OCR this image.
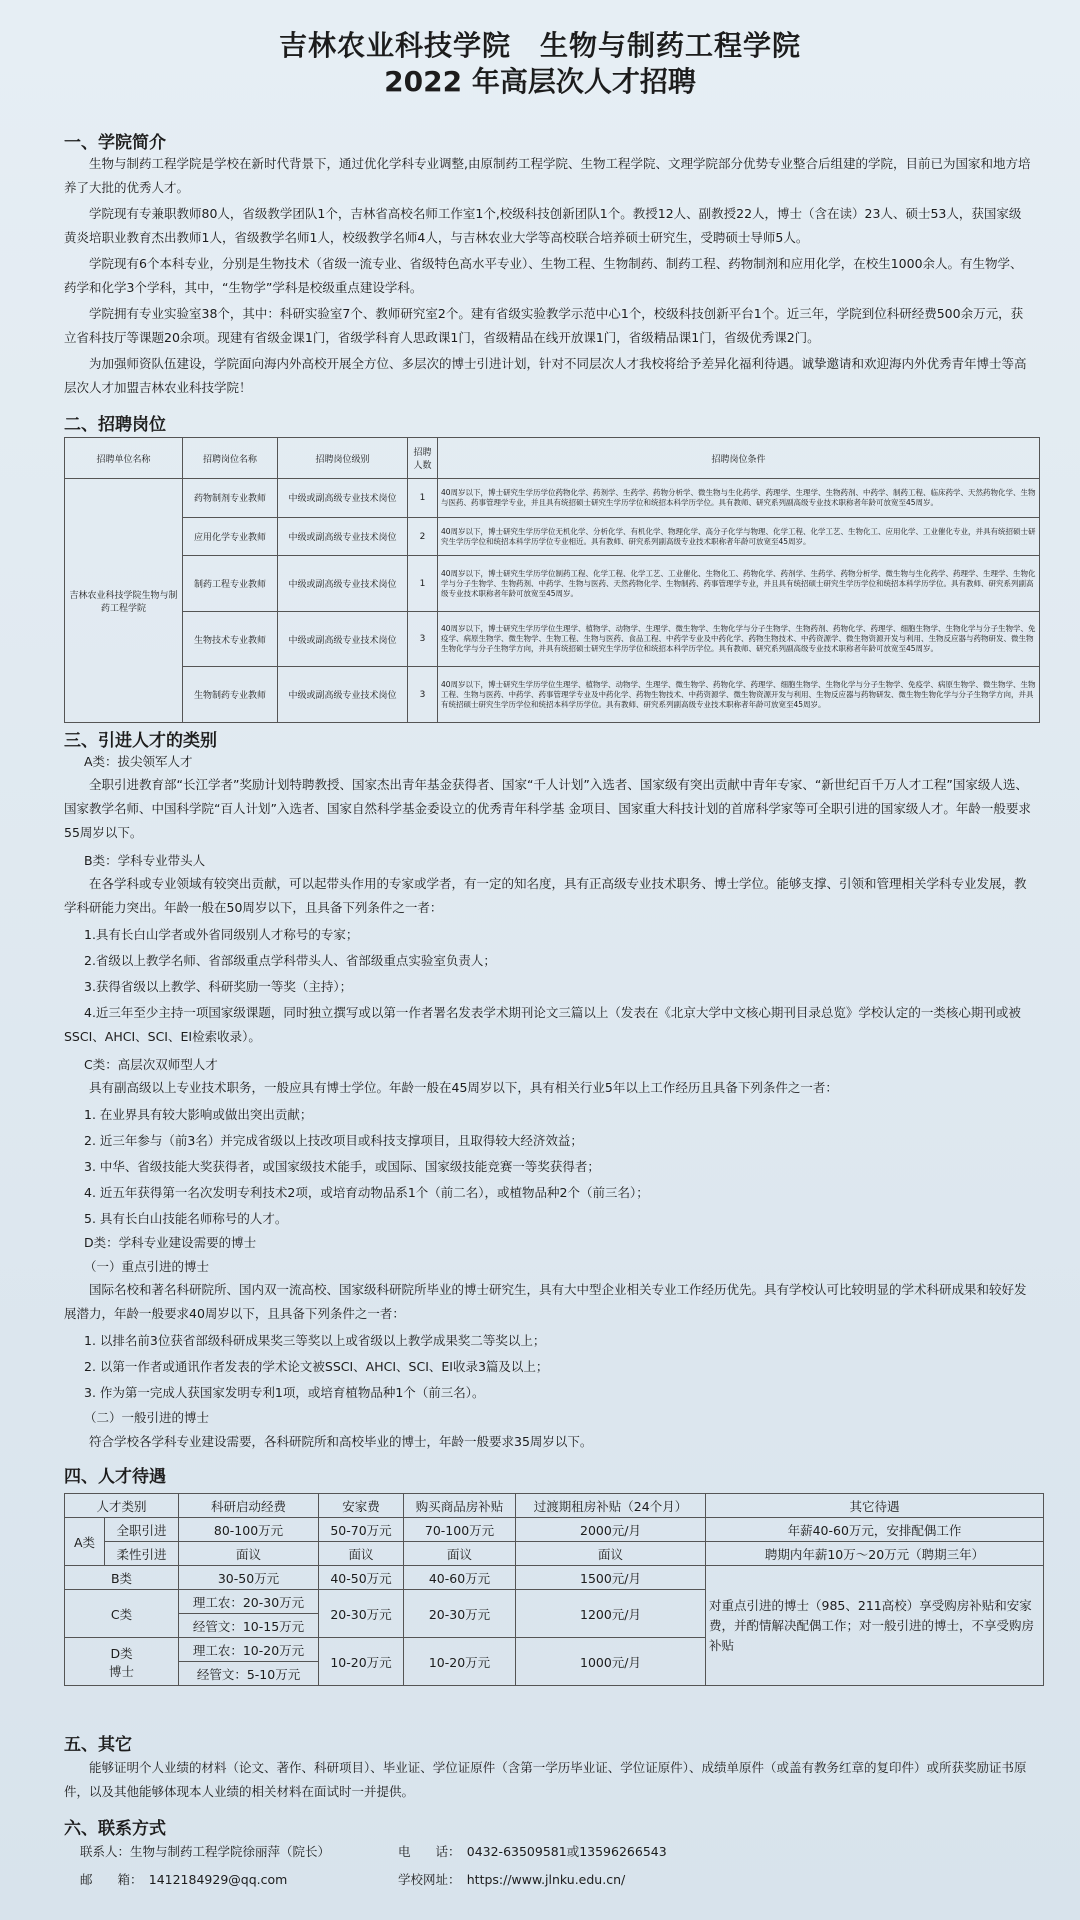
吉林农业科技学院　生物与制药工程学院
2022 年高层次人才招聘
一、学院简介

生物与制药工程学院是学校在新时代背景下，通过优化学科专业调整,由原制药工程学院、生物工程学院、文理学院部分优势专业整合后组建的学院，目前已为国家和地方培养了大批的优秀人才。

学院现有专兼职教师80人，省级教学团队1个，吉林省高校名师工作室1个,校级科技创新团队1个。教授12人、副教授22人，博士（含在读）23人、硕士53人，获国家级黄炎培职业教育杰出教师1人，省级教学名师1人，校级教学名师4人，与吉林农业大学等高校联合培养硕士研究生，受聘硕士导师5人。

学院现有6个本科专业，分别是生物技术（省级一流专业、省级特色高水平专业）、生物工程、生物制药、制药工程、药物制剂和应用化学，在校生1000余人。有生物学、药学和化学3个学科，其中，“生物学”学科是校级重点建设学科。

学院拥有专业实验室38个，其中：科研实验室7个、教师研究室2个。建有省级实验教学示范中心1个，校级科技创新平台1个。近三年，学院到位科研经费500余万元，获立省科技厅等课题20余项。现建有省级金课1门，省级学科育人思政课1门，省级精品在线开放课1门，省级精品课1门，省级优秀课2门。

为加强师资队伍建设，学院面向海内外高校开展全方位、多层次的博士引进计划，针对不同层次人才我校将给予差异化福利待遇。诚挚邀请和欢迎海内外优秀青年博士等高层次人才加盟吉林农业科技学院！

二、招聘岗位
招聘单位名称	招聘岗位名称	招聘岗位级别	招聘人数	招聘岗位条件
吉林农业科技学院生物与制药工程学院	药物制剂专业教师	中级或副高级专业技术岗位	1	40周岁以下，博士研究生学历学位药物化学、药剂学、生药学、药物分析学、微生物与生化药学、药理学、生理学、生物药剂、中药学、制药工程、临床药学、天然药物化学、生物与医药、药事管理学专业，并且具有统招硕士研究生学历学位和统招本科学历学位。具有教师、研究系列副高级专业技术职称者年龄可放宽至45周岁。
	应用化学专业教师	中级或副高级专业技术岗位	2	40周岁以下，博士研究生学历学位无机化学、分析化学、有机化学、物理化学、高分子化学与物理、化学工程、化学工艺、生物化工、应用化学、工业催化专业，并具有统招硕士研究生学历学位和统招本科学历学位专业相近。具有教师、研究系列副高级专业技术职称者年龄可放宽至45周岁。
	制药工程专业教师	中级或副高级专业技术岗位	1	40周岁以下，博士研究生学历学位制药工程、化学工程、化学工艺、工业催化、生物化工、药物化学、药剂学、生药学、药物分析学、微生物与生化药学、药理学、生理学、生物化学与分子生物学、生物药剂、中药学、生物与医药、天然药物化学、生物制药、药事管理学专业，并且具有统招硕士研究生学历学位和统招本科学历学位。具有教师、研究系列副高级专业技术职称者年龄可放宽至45周岁。
	生物技术专业教师	中级或副高级专业技术岗位	3	40周岁以下，博士研究生学历学位生理学、植物学、动物学、生理学、微生物学、生物化学与分子生物学、生物药剂、药物化学、药理学、细胞生物学、生物化学与分子生物学、免疫学、病原生物学、微生物学、生物工程、生物与医药、食品工程、中药学专业及中药化学、药物生物技术、中药资源学、微生物资源开发与利用、生物反应器与药物研发、微生物生物化学与分子生物学方向，并具有统招硕士研究生学历学位和统招本科学历学位。具有教师、研究系列副高级专业技术职称者年龄可放宽至45周岁。
	生物制药专业教师	中级或副高级专业技术岗位	3	40周岁以下，博士研究生学历学位生理学、植物学、动物学、生理学、微生物学、药物化学、药理学、细胞生物学、生物化学与分子生物学、免疫学、病原生物学、微生物学、生物工程、生物与医药、中药学、药事管理学专业及中药化学、药物生物技术、中药资源学、微生物资源开发与利用、生物反应器与药物研发、微生物生物化学与分子生物学方向，并具有统招硕士研究生学历学位和统招本科学历学位。具有教师、研究系列副高级专业技术职称者年龄可放宽至45周岁。
三、引进人才的类别
A类：拔尖领军人才

全职引进教育部“长江学者”奖励计划特聘教授、国家杰出青年基金获得者、国家“千人计划”入选者、国家级有突出贡献中青年专家、“新世纪百千万人才工程”国家级人选、国家教学名师、中国科学院“百人计划”入选者、国家自然科学基金委设立的优秀青年科学基 金项目、国家重大科技计划的首席科学家等可全职引进的国家级人才。年龄一般要求55周岁以下。

B类：学科专业带头人

在各学科或专业领域有较突出贡献，可以起带头作用的专家或学者，有一定的知名度，具有正高级专业技术职务、博士学位。能够支撑、引领和管理相关学科专业发展，教学科研能力突出。年龄一般在50周岁以下，且具备下列条件之一者：

1.具有长白山学者或外省同级别人才称号的专家；
2.省级以上教学名师、省部级重点学科带头人、省部级重点实验室负责人；
3.获得省级以上教学、科研奖励一等奖（主持）；

4.近三年至少主持一项国家级课题，同时独立撰写或以第一作者署名发表学术期刊论文三篇以上（发表在《北京大学中文核心期刊目录总览》学校认定的一类核心期刊或被SSCI、AHCI、SCI、EI检索收录）。

C类：高层次双师型人才

具有副高级以上专业技术职务，一般应具有博士学位。年龄一般在45周岁以下，具有相关行业5年以上工作经历且具备下列条件之一者：

1. 在业界具有较大影响或做出突出贡献；
2. 近三年参与（前3名）并完成省级以上技改项目或科技支撑项目，且取得较大经济效益；
3. 中华、省级技能大奖获得者，或国家级技术能手，或国际、国家级技能竞赛一等奖获得者；
4. 近五年获得第一名次发明专利技术2项，或培育动物品系1个（前二名），或植物品种2个（前三名）；
5. 具有长白山技能名师称号的人才。
D类：学科专业建设需要的博士
（一）重点引进的博士

国际名校和著名科研院所、国内双一流高校、国家级科研院所毕业的博士研究生，具有大中型企业相关专业工作经历优先。具有学校认可比较明显的学术科研成果和较好发展潜力，年龄一般要求40周岁以下，且具备下列条件之一者：

1. 以排名前3位获省部级科研成果奖三等奖以上或省级以上教学成果奖二等奖以上；
2. 以第一作者或通讯作者发表的学术论文被SSCI、AHCI、SCI、EI收录3篇及以上；
3. 作为第一完成人获国家发明专利1项，或培育植物品种1个（前三名）。
（二）一般引进的博士

符合学校各学科专业建设需要，各科研院所和高校毕业的博士，年龄一般要求35周岁以下。

四、人才待遇
人才类别		科研启动经费	安家费	购买商品房补贴	过渡期租房补贴（24个月）	其它待遇
A类	全职引进	80-100万元	50-70万元	70-100万元	2000元/月	年薪40-60万元，安排配偶工作
	柔性引进	面议	面议	面议	面议	聘期内年薪10万～20万元（聘期三年）
B类		30-50万元	40-50万元	40-60万元	1500元/月	对重点引进的博士（985、211高校）享受购房补贴和安家费，并酌情解决配偶工作；对一般引进的博士，不享受购房补贴
C类		理工农：20-30万元	20-30万元	20-30万元	1200元/月	
		经管文：10-15万元				
D类
博士		理工农：10-20万元	10-20万元	10-20万元	1000元/月	
		经管文：5-10万元				
五、其它

能够证明个人业绩的材料（论文、著作、科研项目）、毕业证、学位证原件（含第一学历毕业证、学位证原件）、成绩单原件（或盖有教务红章的复印件）或所获奖励证书原件，以及其他能够体现本人业绩的相关材料在面试时一并提供。

六、联系方式
联系人：生物与制药工程学院徐丽萍（院长）	电　　话：　0432-63509581或13596266543
邮　　箱：　1412184929@qq.com	学校网址：　https://www.jlnku.edu.cn/
